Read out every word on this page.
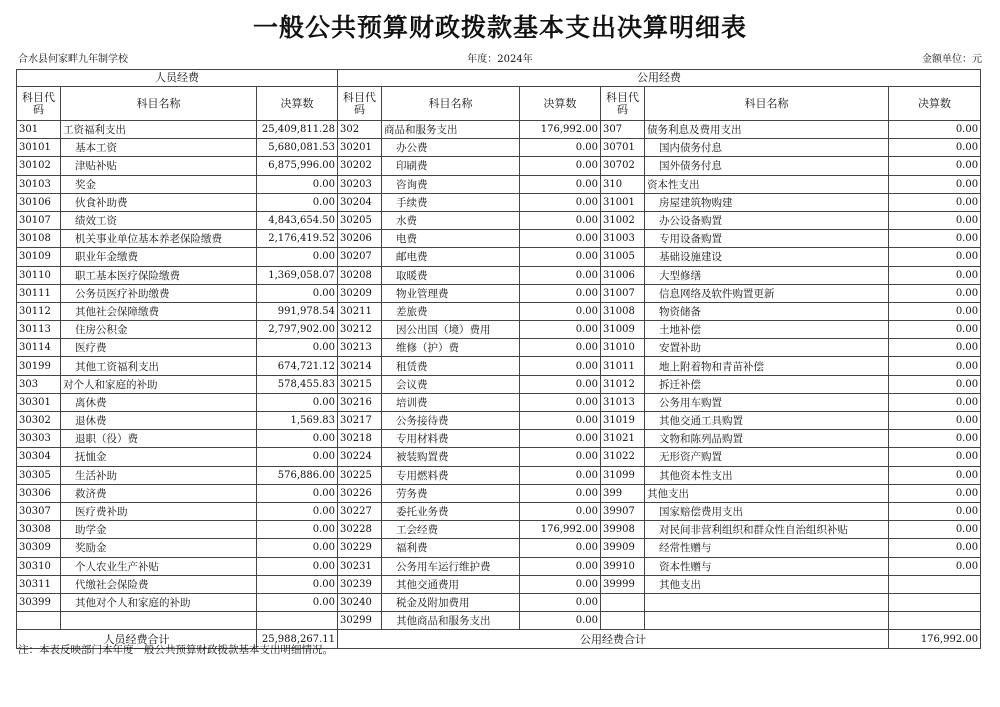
一般公共预算财政拨款基本支出决算明细表
合水县何家畔九年制学校	年度：2024年	金额单位：元
人员经费			公用经费					
科目代码	科目名称	决算数	科目代码	科目名称	决算数	科目代码	科目名称	决算数
301	工资福利支出	25,409,811.28	302	商品和服务支出	176,992.00	307	债务利息及费用支出	0.00
30101	基本工资	5,680,081.53	30201	办公费	0.00	30701	国内债务付息	0.00
30102	津贴补贴	6,875,996.00	30202	印刷费	0.00	30702	国外债务付息	0.00
30103	奖金	0.00	30203	咨询费	0.00	310	资本性支出	0.00
30106	伙食补助费	0.00	30204	手续费	0.00	31001	房屋建筑物购建	0.00
30107	绩效工资	4,843,654.50	30205	水费	0.00	31002	办公设备购置	0.00
30108	机关事业单位基本养老保险缴费	2,176,419.52	30206	电费	0.00	31003	专用设备购置	0.00
30109	职业年金缴费	0.00	30207	邮电费	0.00	31005	基础设施建设	0.00
30110	职工基本医疗保险缴费	1,369,058.07	30208	取暖费	0.00	31006	大型修缮	0.00
30111	公务员医疗补助缴费	0.00	30209	物业管理费	0.00	31007	信息网络及软件购置更新	0.00
30112	其他社会保障缴费	991,978.54	30211	差旅费	0.00	31008	物资储备	0.00
30113	住房公积金	2,797,902.00	30212	因公出国（境）费用	0.00	31009	土地补偿	0.00
30114	医疗费	0.00	30213	维修（护）费	0.00	31010	安置补助	0.00
30199	其他工资福利支出	674,721.12	30214	租赁费	0.00	31011	地上附着物和青苗补偿	0.00
303	对个人和家庭的补助	578,455.83	30215	会议费	0.00	31012	拆迁补偿	0.00
30301	离休费	0.00	30216	培训费	0.00	31013	公务用车购置	0.00
30302	退休费	1,569.83	30217	公务接待费	0.00	31019	其他交通工具购置	0.00
30303	退职（役）费	0.00	30218	专用材料费	0.00	31021	文物和陈列品购置	0.00
30304	抚恤金	0.00	30224	被装购置费	0.00	31022	无形资产购置	0.00
30305	生活补助	576,886.00	30225	专用燃料费	0.00	31099	其他资本性支出	0.00
30306	救济费	0.00	30226	劳务费	0.00	399	其他支出	0.00
30307	医疗费补助	0.00	30227	委托业务费	0.00	39907	国家赔偿费用支出	0.00
30308	助学金	0.00	30228	工会经费	176,992.00	39908	对民间非营利组织和群众性自治组织补贴	0.00
30309	奖励金	0.00	30229	福利费	0.00	39909	经常性赠与	0.00
30310	个人农业生产补贴	0.00	30231	公务用车运行维护费	0.00	39910	资本性赠与	0.00
30311	代缴社会保险费	0.00	30239	其他交通费用	0.00	39999	其他支出	
30399	其他对个人和家庭的补助	0.00	30240	税金及附加费用	0.00			
			30299	其他商品和服务支出	0.00			
人员经费合计		25,988,267.11	公用经费合计					176,992.00
注：本表反映部门本年度一般公共预算财政拨款基本支出明细情况。
